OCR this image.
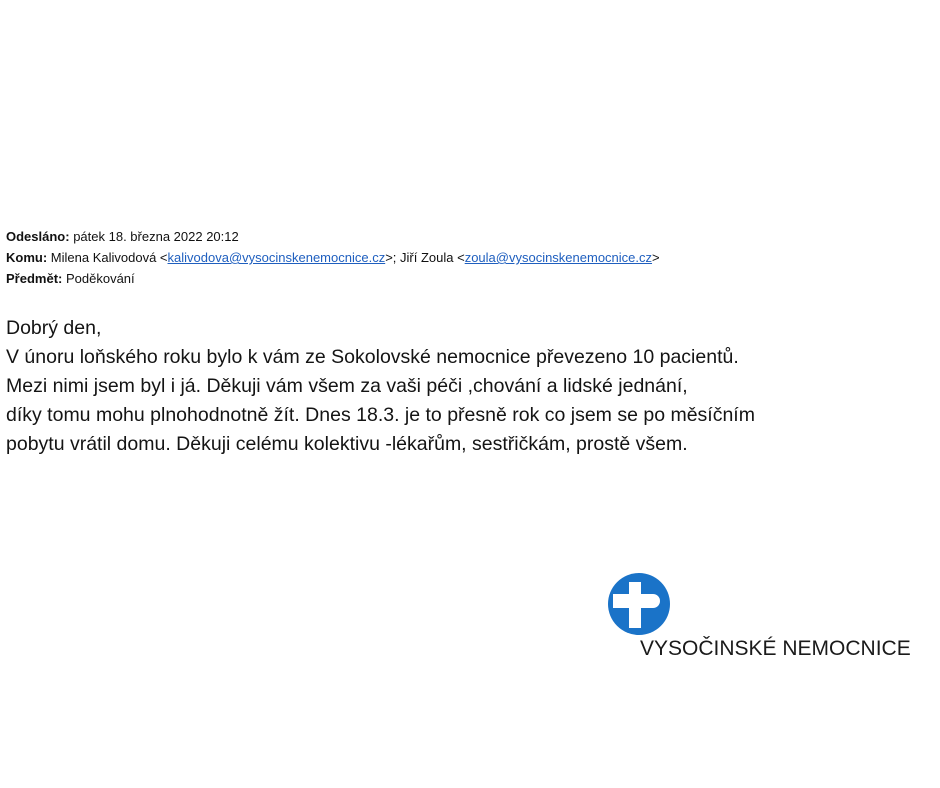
Odesláno: pátek 18. března 2022 20:12
Komu: Milena Kalivodová <kalivodova@vysocinskenemocnice.cz>; Jiří Zoula <zoula@vysocinskenemocnice.cz>
Předmět: Poděkování
Dobrý den,
V únoru loňského roku bylo k vám ze Sokolovské nemocnice převezeno 10 pacientů.
Mezi nimi jsem byl i já. Děkuji vám všem za vaši péči ,chování a lidské jednání,
díky tomu mohu plnohodnotně žít. Dnes 18.3. je to přesně rok co jsem se po měsíčním
pobytu vrátil domu. Děkuji celému kolektivu -lékařům, sestřičkám, prostě všem.
VYSOČINSKÉ NEMOCNICE
